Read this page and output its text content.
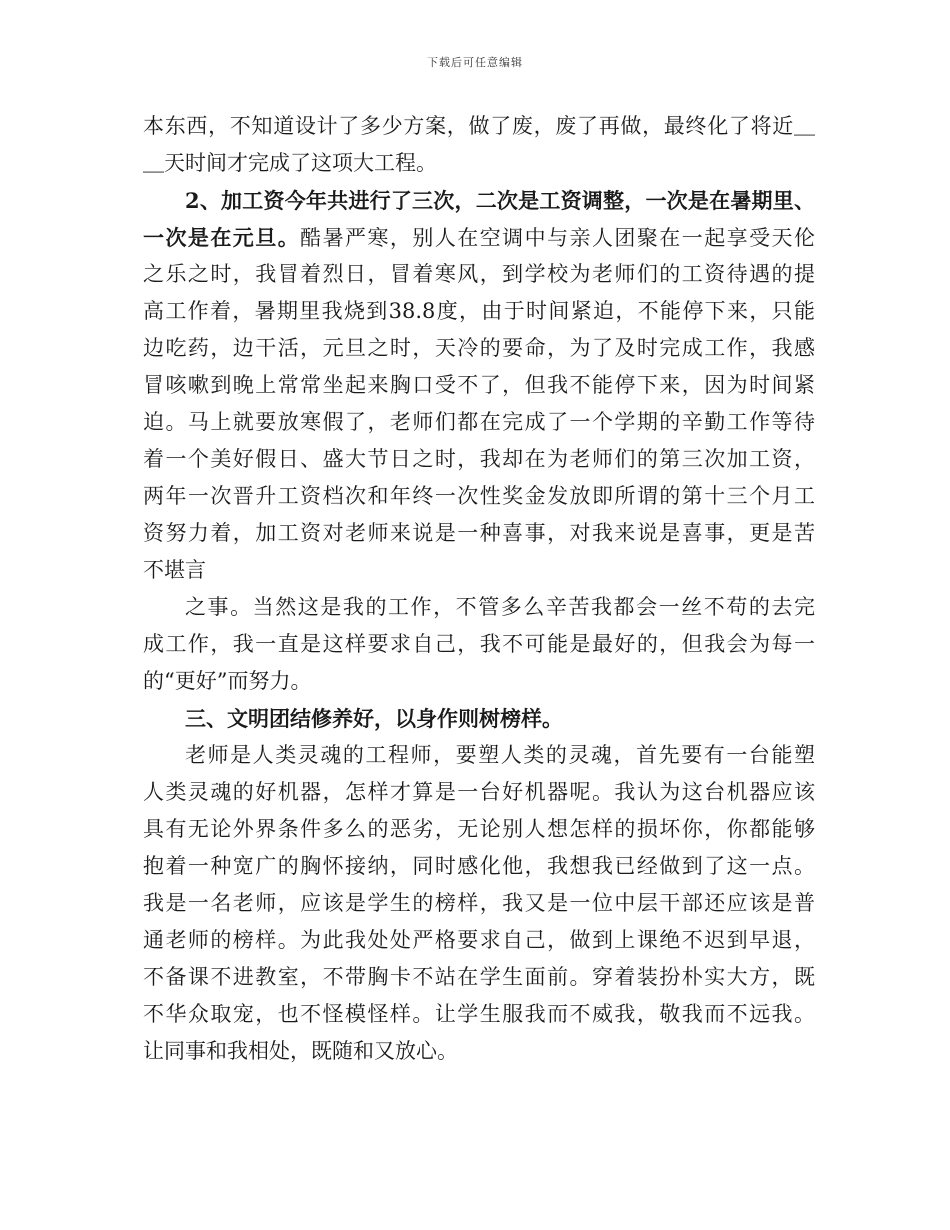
下载后可任意编辑
本东西，不知道设计了多少方案，做了废，废了再做，最终化了将近＿
＿天时间才完成了这项大工程。
2、加工资今年共进行了三次，二次是工资调整，一次是在暑期里、
一次是在元旦。酷暑严寒，别人在空调中与亲人团聚在一起享受天伦
之乐之时，我冒着烈日，冒着寒风，到学校为老师们的工资待遇的提
高工作着，暑期里我烧到38.8度，由于时间紧迫，不能停下来，只能
边吃药，边干活，元旦之时，天冷的要命，为了及时完成工作，我感
冒咳嗽到晚上常常坐起来胸口受不了，但我不能停下来，因为时间紧
迫。马上就要放寒假了，老师们都在完成了一个学期的辛勤工作等待
着一个美好假日、盛大节日之时，我却在为老师们的第三次加工资，
两年一次晋升工资档次和年终一次性奖金发放即所谓的第十三个月工
资努力着，加工资对老师来说是一种喜事，对我来说是喜事，更是苦
不堪言
之事。当然这是我的工作，不管多么辛苦我都会一丝不苟的去完
成工作，我一直是这样要求自己，我不可能是最好的，但我会为每一
的“更好”而努力。
三、文明团结修养好，以身作则树榜样。
老师是人类灵魂的工程师，要塑人类的灵魂，首先要有一台能塑
人类灵魂的好机器，怎样才算是一台好机器呢。我认为这台机器应该
具有无论外界条件多么的恶劣，无论别人想怎样的损坏你，你都能够
抱着一种宽广的胸怀接纳，同时感化他，我想我已经做到了这一点。
我是一名老师，应该是学生的榜样，我又是一位中层干部还应该是普
通老师的榜样。为此我处处严格要求自己，做到上课绝不迟到早退，
不备课不进教室，不带胸卡不站在学生面前。穿着装扮朴实大方，既
不华众取宠，也不怪模怪样。让学生服我而不威我，敬我而不远我。
让同事和我相处，既随和又放心。
